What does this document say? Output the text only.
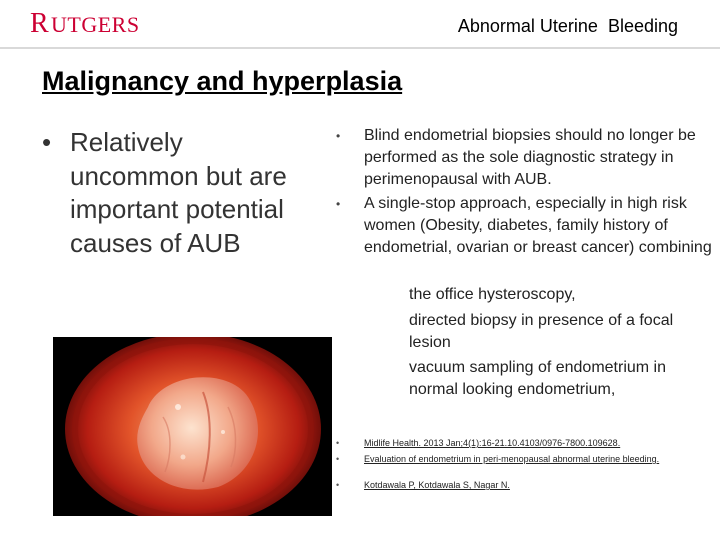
R UTGERS	Abnormal Uterine  Bleeding
Malignancy and hyperplasia
• Relatively uncommon but are important potential causes of AUB
•	Blind endometrial biopsies should no longer be performed as the sole diagnostic strategy in perimenopausal with AUB.
•	A single-stop approach, especially in high risk women (Obesity, diabetes, family history of endometrial, ovarian or breast cancer) combining
the office hysteroscopy,
directed biopsy in presence of a focal lesion
vacuum sampling of endometrium in normal looking endometrium,
•	Midlife Health. 2013 Jan;4(1):16-21.10.4103/0976-7800.109628.
•	Evaluation of endometrium in peri-menopausal abnormal uterine bleeding.
•	Kotdawala P, Kotdawala S, Nagar N.
